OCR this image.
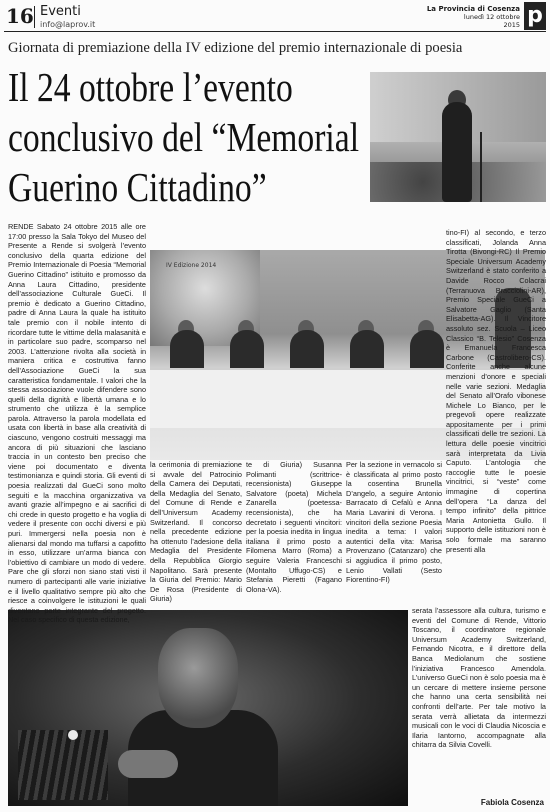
16 Eventi
info@laprov.it
La Provincia di Cosenza
lunedì 12 ottobre
2015 p
Giornata di premiazione della IV edizione del premio internazionale di poesia
Il 24 ottobre l’evento
conclusivo del “Memorial
Guerino Cittadino”
IV Edizione 2014
RENDE Sabato 24 ottobre 2015 alle ore 17:00 presso la Sala Tokyo del Museo del Presente a Rende si svolgerà l’evento conclusivo della quarta edizione del Premio Internazionale di Poesia “Memorial Guerino Cittadino” istituito e promosso da Anna Laura Cittadino, presidente dell’associazione Culturale GueCi. Il premio è dedicato a Guerino Cittadino, padre di Anna Laura la quale ha istituito tale premio con il nobile intento di ricordare tutte le vittime della malasanità e in particolare suo padre, scomparso nel 2003. L’attenzione rivolta alla società in maniera critica e costruttiva fanno dell’Associazione GueCi la sua caratteristica fondamentale. I valori che la stessa associazione vuole difendere sono quelli della dignità e libertà umana e lo strumento che utilizza è la semplice parola. Attraverso la parola modellata ed usata con libertà in base alla creatività di ciascuno, vengono costruiti messaggi ma ancora di più situazioni che lasciano traccia in un contesto ben preciso che viene poi documentato e diventa testimonianza e quindi storia. Gli eventi di poesia realizzati dal GueCi sono molto seguiti e la macchina organizzativa va avanti grazie all’impegno e ai sacrifici di chi crede in questo progetto e ha voglia di vedere il presente con occhi diversi e più puri. Immergersi nella poesia non è alienarsi dal mondo ma tuffarsi a capofitto in esso, utilizzare un’arma bianca con l’obiettivo di cambiare un modo di vedere. Pare che gli sforzi non siano stati visti il numero di partecipanti alle varie iniziative e il livello qualitativo sempre più alto che riesce a coinvolgere le istituzioni le quali diventano parte integrante del progetto. Nel caso specifico di questa edizione,
la cerimonia di premiazione si avvale del Patrocinio della Camera dei Deputati, della Medaglia del Senato, del Comune di Rende e dell’Universum Academy Switzerland. Il concorso nella precedente edizione ha ottenuto l’adesione della Medaglia del Presidente della Repubblica Giorgio Napolitano. Sarà presente la Giuria del Premio: Mario De Rosa (Presidente di Giuria)
te di Giuria) Susanna Polimanti (scrittrice-recensionista) Giuseppe Salvatore (poeta) Michela Zanarella (poetessa-recensionista), che ha decretato i seguenti vincitori: per la poesia inedita in lingua italiana il primo posto a Filomena Marro (Roma) a seguire Valeria Franceschi (Montalto Uffugo-CS) e Stefania Pieretti (Fagano Olona-VA).
Per la sezione in vernacolo si è classificata al primo posto la cosentina Brunella D’angelo, a seguire Antonio Barracato di Cefalù e Anna Maria Lavarini di Verona. I vincitori della sezione Poesia inedita a tema: I valori autentici della vita: Marisa Provenzano (Catanzaro) che si aggiudica il primo posto, Lenio Vallati (Sesto Fiorentino-FI)
tino-FI) al secondo, e terzo classificati, Jolanda Anna Tirotta (Bivongi-RC) Il Premio Speciale Universum Academy Switzerland è stato conferito a Davide Rocco Colacrai (Terranuova Bracciolini-AR), Premio Speciale GueCi a Salvatore Gaglio (Santa Elisabetta-AG). Il Vincitore assoluto sez. Scuola – Liceo Classico “B. Telesio” Cosenza è Emanuela Francesca Carbone (Castrolibero-CS). Conferite anche alcune menzioni d’onore e speciali nelle varie sezioni. Medaglia del Senato all’Orafo vibonese Michele Lo Bianco, per le pregevoli opere realizzate appositamente per i primi classificati delle tre sezioni. La lettura delle poesie vincitrici sarà interpretata da Livia Caputo. L’antologia che raccoglie tutte le poesie vincitrici, si “veste” come immagine di copertina dell’opera “La danza del tempo infinito” della pittrice Maria Antonietta Gullo. Il supporto delle istituzioni non è solo formale ma saranno presenti alla
serata l’assessore alla cultura, turismo e eventi del Comune di Rende, Vittorio Toscano, il coordinatore regionale Universum Academy Switzerland, Fernando Nicotra, e il direttore della Banca Mediolanum che sostiene l’iniziativa Francesco Amendola. L’universo GueCi non è solo poesia ma è un cercare di mettere insieme persone che hanno una certa sensibilità nei confronti dell’arte. Per tale motivo la serata verrà allietata da intermezzi musicali con le voci di Claudia Nicoscia e Ilaria Iantorno, accompagnate alla chitarra da Silvia Covelli.
Fabiola Cosenza
